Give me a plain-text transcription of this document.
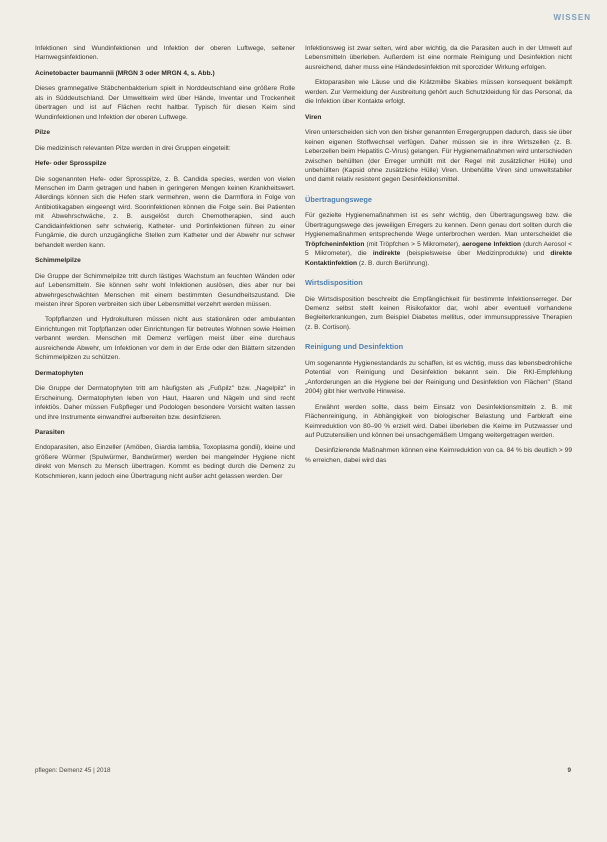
WISSEN

Infektionen sind Wundinfektionen und Infektion der oberen Luftwege, seltener Harnwegsinfektionen.

Acinetobacter baumannii (MRGN 3 oder MRGN 4, s. Abb.)

Dieses gramnegative Stäbchenbakterium spielt in Norddeutschland eine größere Rolle als in Süddeutschland. Der Umweltkeim wird über Hände, Inventar und Trockenheit übertragen und ist auf Flächen recht haltbar. Typisch für diesen Keim sind Wundinfektionen und Infektion der oberen Luftwege.

Pilze

Die medizinisch relevanten Pilze werden in drei Gruppen eingeteilt:

Hefe- oder Sprosspilze

Die sogenannten Hefe- oder Sprosspilze, z. B. Candida species, werden von vielen Menschen im Darm getragen und haben in geringeren Mengen keinen Krankheitswert. Allerdings können sich die Hefen stark vermehren, wenn die Darmflora in Folge von Antibiotikagaben eingeengt wird. Soorinfektionen können die Folge sein. Bei Patienten mit Abwehrschwäche, z. B. ausgelöst durch Chemotherapien, sind auch Candidainfektionen sehr schwierig, Katheter- und Portinfektionen führen zu einer Fungämie, die durch unzugängliche Stellen zum Katheter und der Abwehr nur schwer behandelt werden kann.

Schimmelpilze

Die Gruppe der Schimmelpilze tritt durch lästiges Wachstum an feuchten Wänden oder auf Lebensmitteln. Sie können sehr wohl Infektionen auslösen, dies aber nur bei abwehrgeschwächten Menschen mit einem bestimmten Gesundheitszustand. Die meisten ihrer Sporen verbreiten sich über Lebensmittel verzehrt werden müssen.

Topfpflanzen und Hydrokulturen müssen nicht aus stationären oder ambulanten Einrichtungen mit Topfpflanzen oder Einrichtungen für betreutes Wohnen sowie Heimen verbannt werden. Menschen mit Demenz verfügen meist über eine durchaus ausreichende Abwehr, um Infektionen vor dem in der Erde oder den Blättern sitzenden Schimmelpilzen zu schützen.

Dermatophyten

Die Gruppe der Dermatophyten tritt am häufigsten als „Fußpilz" bzw. „Nagelpilz" in Erscheinung. Dermatophyten leben von Haut, Haaren und Nägeln und sind recht infektiös. Daher müssen Fußpfleger und Podologen besondere Vorsicht walten lassen und ihre Instrumente einwandfrei aufbereiten bzw. desinfizieren.

Parasiten

Endoparasiten, also Einzeller (Amöben, Giardia lamblia, Toxoplasma gondii), kleine und größere Würmer (Spulwürmer, Bandwürmer) werden bei mangelnder Hygiene nicht direkt von Mensch zu Mensch übertragen. Kommt es bedingt durch die Demenz zu Kotschmieren, kann jedoch eine Übertragung nicht außer acht gelassen werden. Der

Infektionsweg ist zwar selten, wird aber wichtig, da die Parasiten auch in der Umwelt auf Lebensmitteln überleben. Außerdem ist eine normale Reinigung und Desinfektion nicht ausreichend, daher muss eine Händedesinfektion mit sporozider Wirkung erfolgen.

Ektoparasiten wie Läuse und die Krätzmilbe Skabies müssen konsequent bekämpft werden. Zur Vermeidung der Ausbreitung gehört auch Schutzkleidung für das Personal, da die Infektion über Kontakte erfolgt.

Viren

Viren unterscheiden sich von den bisher genannten Erregergruppen dadurch, dass sie über keinen eigenen Stoffwechsel verfügen. Daher müssen sie in ihre Wirtszellen (z. B. Leberzellen beim Hepatitis C-Virus) gelangen. Für Hygienemaßnahmen wird unterschieden zwischen behüllten (der Erreger umhüllt mit der Regel mit zusätzlicher Hülle) und unbehüllten (Kapsid ohne zusätzliche Hülle) Viren. Unbehüllte Viren sind umweltstabiler und damit relativ resistent gegen Desinfektionsmittel.

Übertragungswege

Für gezielte Hygienemaßnahmen ist es sehr wichtig, den Übertragungsweg bzw. die Übertragungswege des jeweiligen Erregers zu kennen. Denn genau dort sollten durch die Hygienemaßnahmen entsprechende Wege unterbrochen werden. Man unterscheidet die Tröpfcheninfektion (mit Tröpfchen > 5 Mikrometer), aerogene Infektion (durch Aerosol < 5 Mikrometer), die indirekte (beispielsweise über Medizinprodukte) und direkte Kontaktinfektion (z. B. durch Berührung).

Wirtsdisposition

Die Wirtsdisposition beschreibt die Empfänglichkeit für bestimmte Infektionserreger. Der Demenz selbst stellt keinen Risikofaktor dar, wohl aber eventuell vorhandene Begleiterkrankungen, zum Beispiel Diabetes mellitus, oder immunsuppressive Therapien (z. B. Cortison).

Reinigung und Desinfektion

Um sogenannte Hygienestandards zu schaffen, ist es wichtig, muss das lebensbedrohliche Potential von Reinigung und Desinfektion bekannt sein. Die RKI-Empfehlung „Anforderungen an die Hygiene bei der Reinigung und Desinfektion von Flächen" (Stand 2004) gibt hier wertvolle Hinweise.

Erwähnt werden sollte, dass beim Einsatz von Desinfektionsmitteln z. B. mit Flächenreinigung, in Abhängigkeit von biologischer Belastung und Farbkraft eine Keimreduktion von 80–90 % erzielt wird. Dabei überleben die Keime im Putzwasser und auf Putzutensilien und können bei unsachgemäßem Umgang weitergetragen werden.

Desinfizierende Maßnahmen können eine Keimreduktion von ca. 84 % bis deutlich > 99 % erreichen, dabei wird das

pflegen: Demenz 45 | 2018	9
